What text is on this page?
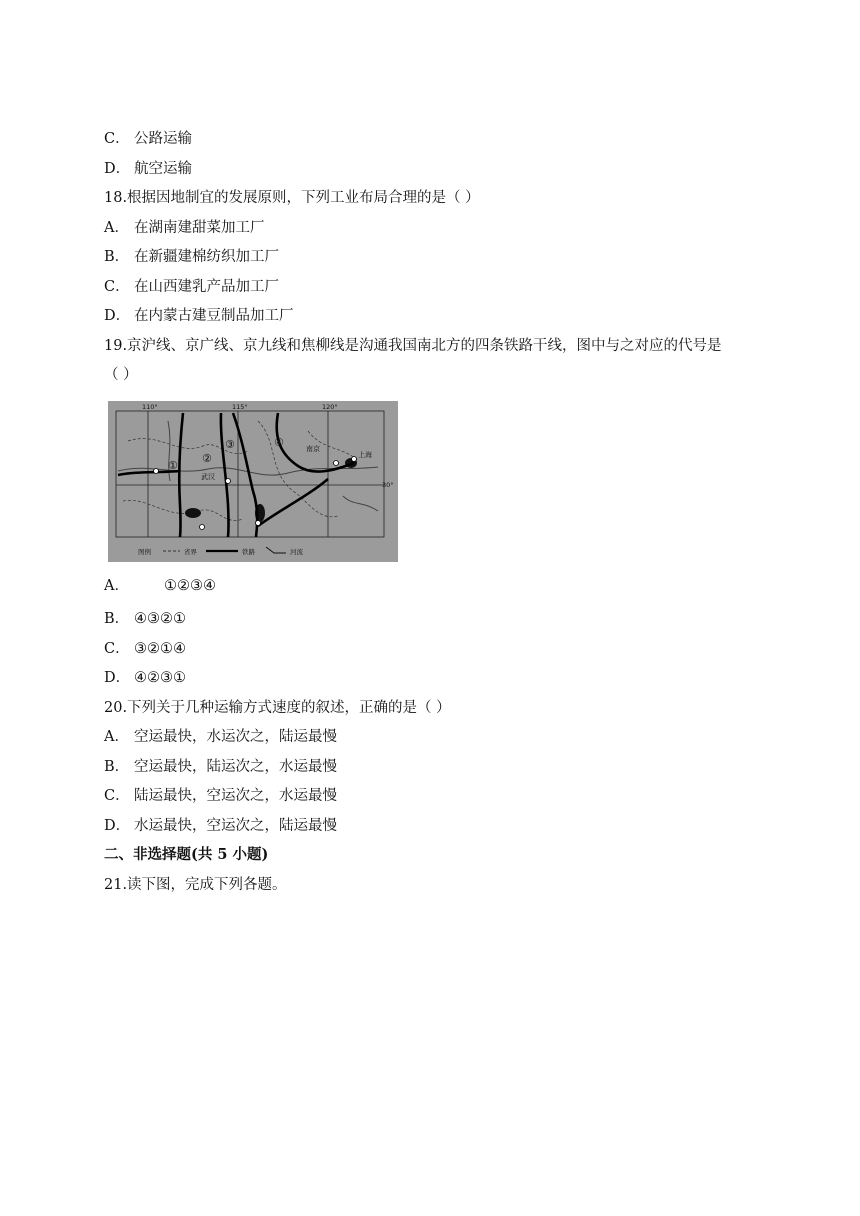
C． 公路运输
D． 航空运输
18.根据因地制宜的发展原则，下列工业布局合理的是（ ）
A． 在湖南建甜菜加工厂
B． 在新疆建棉纺织加工厂
C． 在山西建乳产品加工厂
D． 在内蒙古建豆制品加工厂
19.京沪线、京广线、京九线和焦柳线是沟通我国南北方的四条铁路干线，图中与之对应的代号是
（ ）
110°	115°	120°
30°
①
②
③	④
武汉
南京
上海
图例	省界	铁路	河流
A． ①②③④
B． ④③②①
C． ③②①④
D． ④②③①
20.下列关于几种运输方式速度的叙述，正确的是（ ）
A． 空运最快，水运次之，陆运最慢
B． 空运最快，陆运次之，水运最慢
C． 陆运最快，空运次之，水运最慢
D． 水运最快，空运次之，陆运最慢
二、非选择题(共 5 小题)
21.读下图，完成下列各题。
